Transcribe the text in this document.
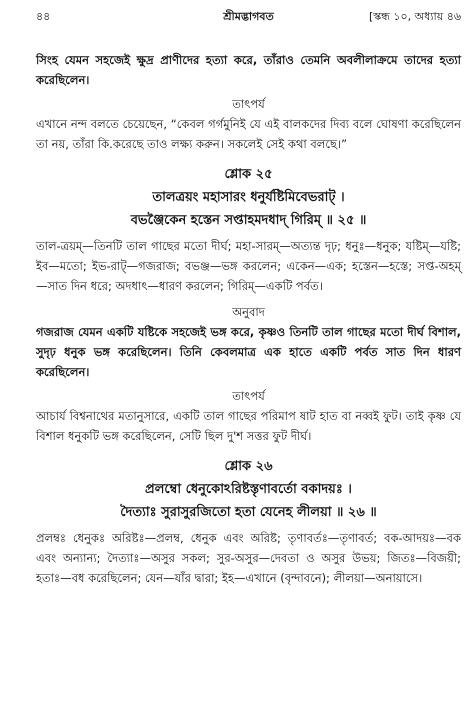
৪৪	শ্রীমদ্ভাগবত	[স্কন্ধ ১০, অধ্যায় ৪৬

সিংহ যেমন সহজেই ক্ষুদ্র প্রাণীদের হত্যা করে, তাঁরাও তেমনি অবলীলাক্রমে তাদের হত্যা করেছিলেন।

তাৎপর্য

এখানে নন্দ বলতে চেয়েছেন, “কেবল গর্গমুনিই যে এই বালকদের দিব্য বলে ঘোষণা করেছিলেন তা নয়, তাঁরা কি.করেছে তাও লক্ষ্য করুন। সকলেই সেই কথা বলছে।”

শ্লোক ২৫
তালত্রয়ং মহাসারং ধনুর্যষ্টিমিবেভরাট্‌ ।
বভঞ্জৈকেন হস্তেন সপ্তাহমদধাদ্‌ গিরিম্‌ ॥ ২৫ ॥

তাল-ত্রয়ম্‌—তিনটি তাল গাছের মতো দীর্ঘ; মহা-সারম্‌—অত্যন্ত দৃঢ়; ধনুঃ—ধনুক; যষ্টিম্‌—যষ্টি; ইব—মতো; ইভ-রাট্‌—গজরাজ; বভঞ্জ—ভঙ্গ করলেন; একেন—এক; হস্তেন—হস্তে; সপ্ত-অহম্‌—সাত দিন ধরে; অদধাৎ—ধারণ করলেন; গিরিম্‌—একটি পর্বত।

অনুবাদ

গজরাজ যেমন একটি যষ্টিকে সহজেই ভঙ্গ করে, কৃষ্ণও তিনটি তাল গাছের মতো দীর্ঘ বিশাল, সুদৃঢ় ধনুক ভঙ্গ করেছিলেন। তিনি কেবলমাত্র এক হাতে একটি পর্বত সাত দিন ধারণ করেছিলেন।

তাৎপর্য

আচার্য বিশ্বনাথের মতানুসারে, একটি তাল গাছের পরিমাপ ষাট হাত বা নব্বই ফুট। তাই কৃষ্ণ যে বিশাল ধনুকটি ভঙ্গ করেছিলেন, সেটি ছিল দু'শ সত্তর ফুট দীর্ঘ।

শ্লোক ২৬
প্রলম্বো ধেনুকোঽরিষ্টস্তৃণাবর্তো বকাদয়ঃ ।
দৈত্যাঃ সুরাসুরজিতো হতা যেনেহ লীলয়া ॥ ২৬ ॥

প্রলম্বঃ ধেনুকঃ অরিষ্টঃ—প্রলম্ব, ধেনুক এবং অরিষ্ট; তৃণাবর্তঃ—তৃণাবর্ত; বক-আদয়ঃ—বক এবং অন্যান্য; দৈত্যাঃ—অসুর সকল; সুর-অসুর—দেবতা ও অসুর উভয়; জিতঃ—বিজয়ী; হতাঃ—বধ করেছিলেন; যেন—যাঁর দ্বারা; ইহ—এখানে (বৃন্দাবনে); লীলয়া—অনায়াসে।
